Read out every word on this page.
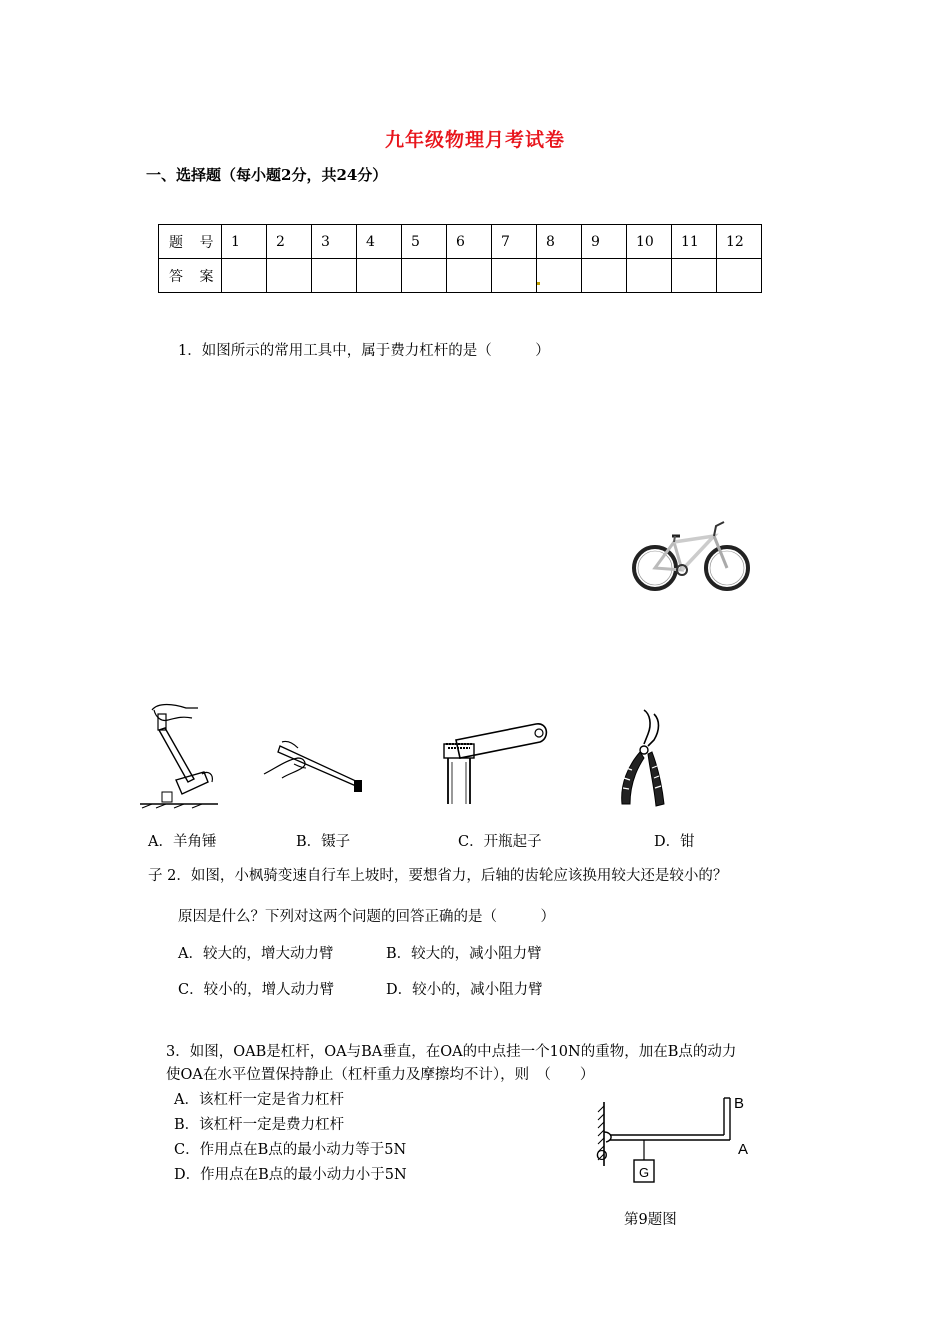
九年级物理月考试卷
一、选择题（每小题2分，共24分）
题 号	1	2	3	4	5	6	7	8	9	10	11	12
答 案												
1．如图所示的常用工具中，属于费力杠杆的是（　　　）
A．羊角锤	B．镊子	C．开瓶起子	D．钳
子 2．如图，小枫骑变速自行车上坡时，要想省力，后轴的齿轮应该换用较大还是较小的？
原因是什么？下列对这两个问题的回答正确的是（　　　）
A．较大的，增大动力臂	B．较大的，减小阻力臂
C．较小的，增人动力臂	D．较小的，减小阻力臂
3．如图，OAB是杠杆，OA与BA垂直，在OA的中点挂一个10N的重物，加在B点的动力
使OA在水平位置保持静止（杠杆重力及摩擦均不计），则　（　　）
A．该杠杆一定是省力杠杆
B．该杠杆一定是费力杠杆
C．作用点在B点的最小动力等于5N
D．作用点在B点的最小动力小于5N	G
O	A
B
第9题图
